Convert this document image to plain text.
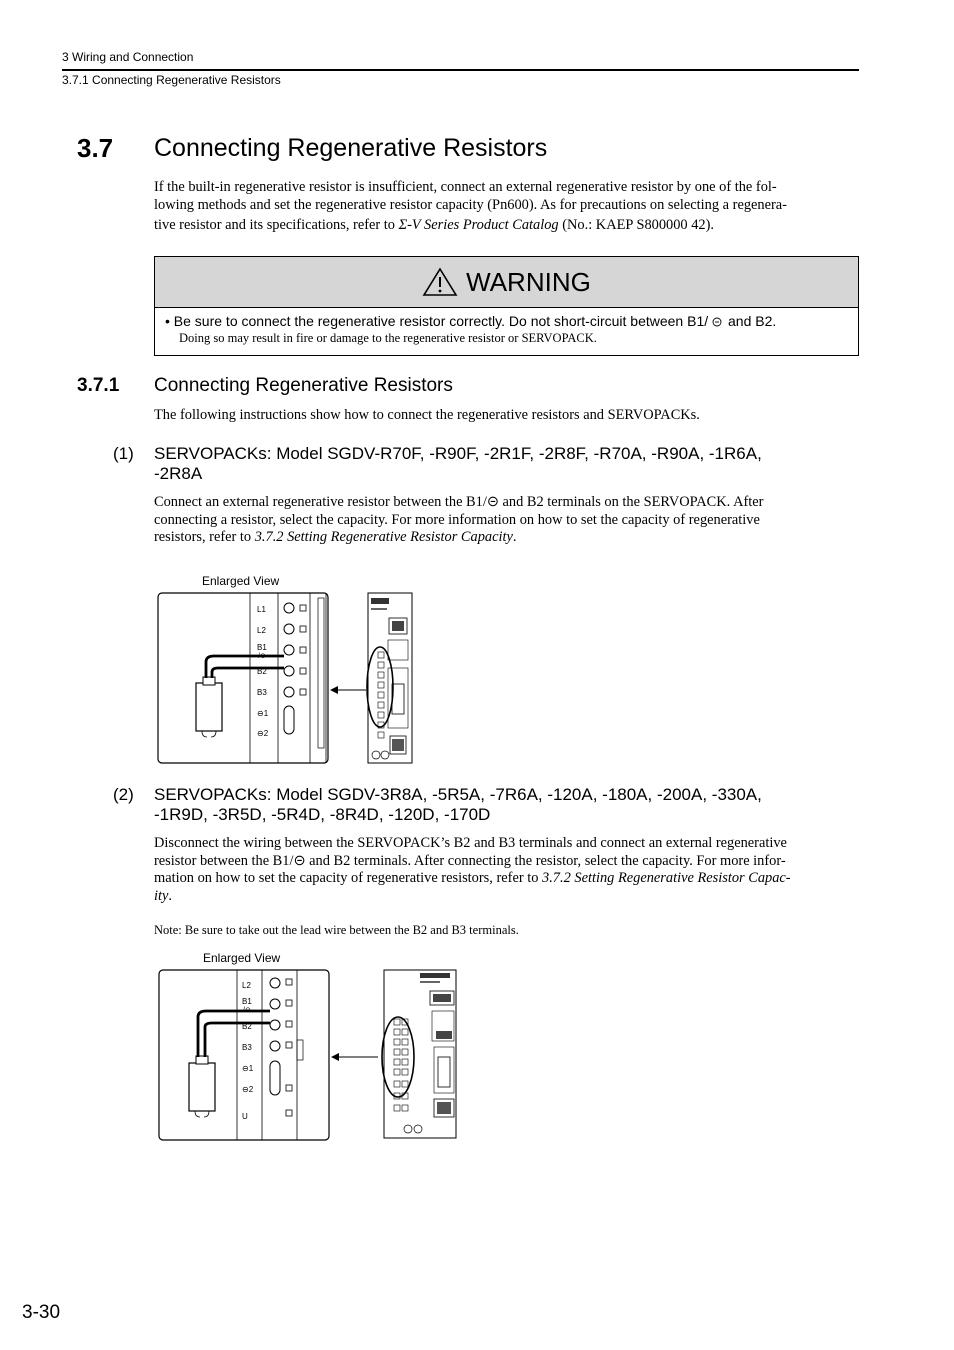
3 Wiring and Connection
3.7.1 Connecting Regenerative Resistors
3.7 Connecting Regenerative Resistors
If the built-in regenerative resistor is insufficient, connect an external regenerative resistor by one of the fol-
lowing methods and set the regenerative resistor capacity (Pn600). As for precautions on selecting a regenera-
tive resistor and its specifications, refer to Σ-V Series Product Catalog (No.: KAEP S800000 42).
WARNING
• Be sure to connect the regenerative resistor correctly. Do not short-circuit between B1/ and B2.
Doing so may result in fire or damage to the regenerative resistor or SERVOPACK.
3.7.1 Connecting Regenerative Resistors
The following instructions show how to connect the regenerative resistors and SERVOPACKs.
(1) SERVOPACKs: Model SGDV-R70F, -R90F, -2R1F, -2R8F, -R70A, -R90A, -1R6A,
-2R8A
Connect an external regenerative resistor between the B1/⊝ and B2 terminals on the SERVOPACK. After
connecting a resistor, select the capacity. For more information on how to set the capacity of regenerative
resistors, refer to 3.7.2 Setting Regenerative Resistor Capacity.
Enlarged View
L1
L2
B1
/⊖
B2
B3
⊖1
⊖2
(2) SERVOPACKs: Model SGDV-3R8A, -5R5A, -7R6A, -120A, -180A, -200A, -330A,
-1R9D, -3R5D, -5R4D, -8R4D, -120D, -170D
Disconnect the wiring between the SERVOPACK’s B2 and B3 terminals and connect an external regenerative
resistor between the B1/⊝ and B2 terminals. After connecting the resistor, select the capacity. For more infor-
mation on how to set the capacity of regenerative resistors, refer to 3.7.2 Setting Regenerative Resistor Capac-
ity.
Note: Be sure to take out the lead wire between the B2 and B3 terminals.
Enlarged View
L2
B1
/⊖
B2
B3
⊖1
⊖2
U
3-30
